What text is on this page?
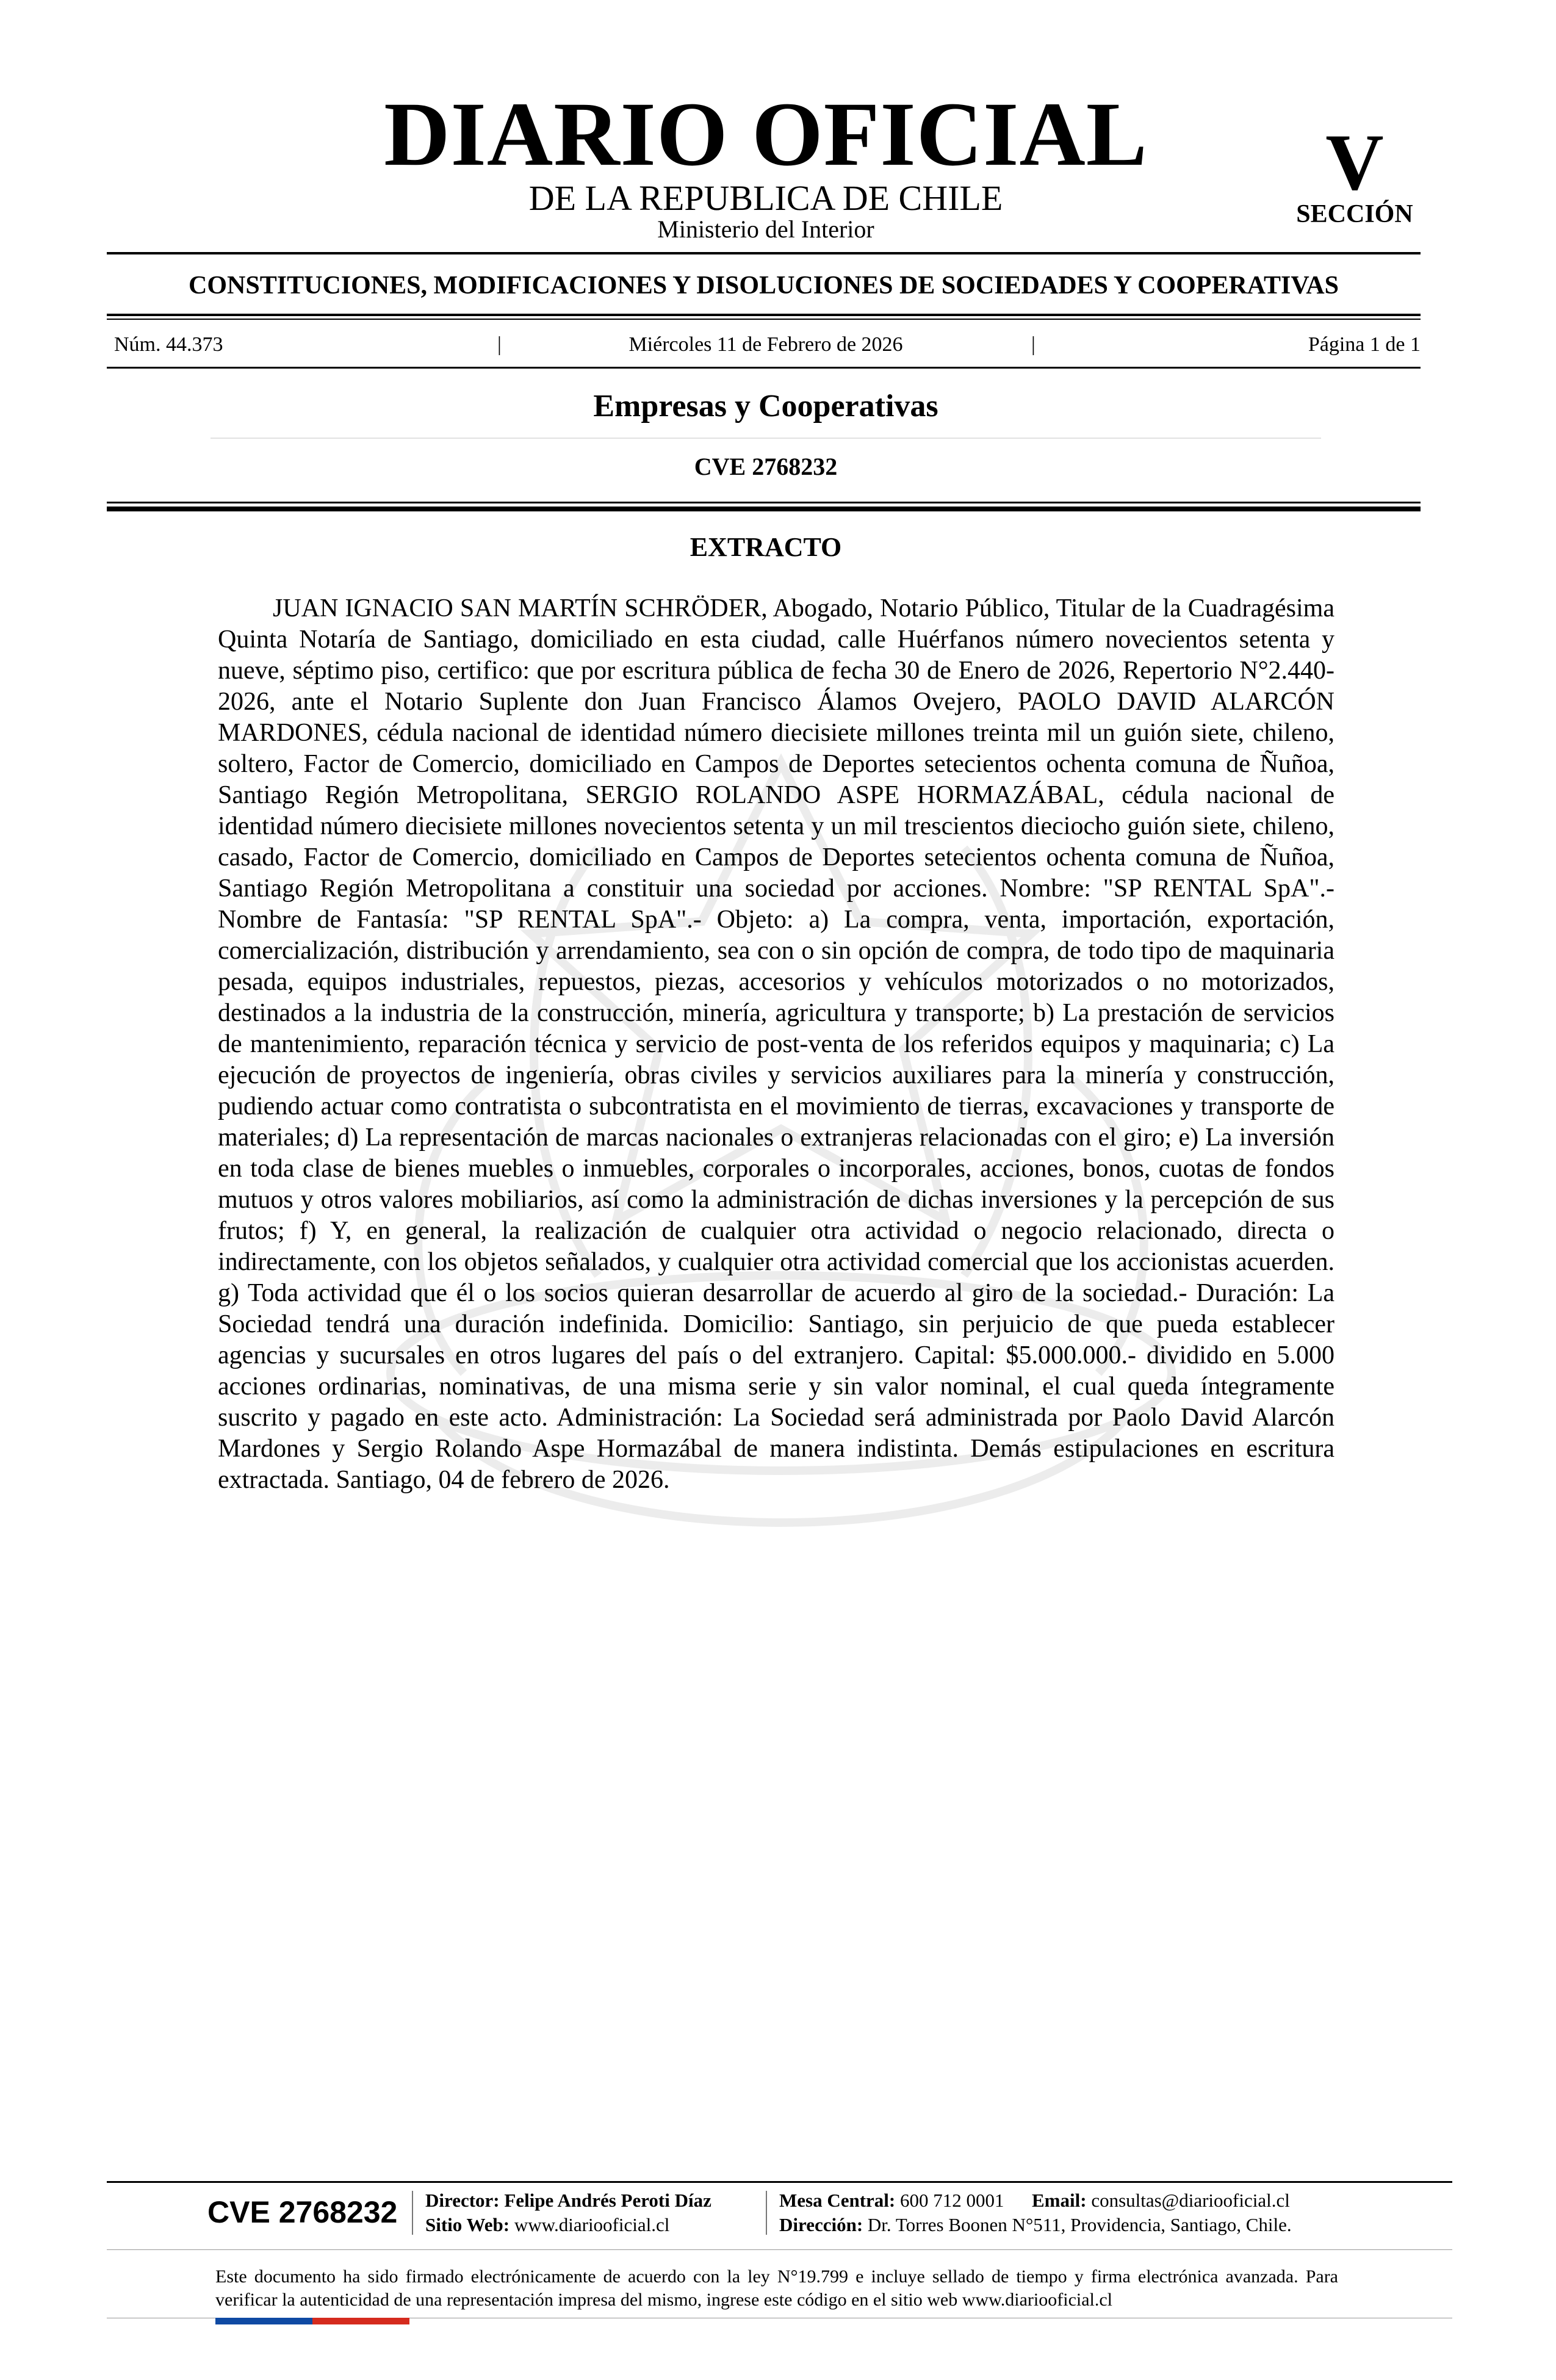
DIARIO OFICIAL
DE LA REPUBLICA DE CHILE
Ministerio del Interior
V
SECCIÓN
CONSTITUCIONES, MODIFICACIONES Y DISOLUCIONES DE SOCIEDADES Y COOPERATIVAS
Núm. 44.373	|	Miércoles 11 de Febrero de 2026	|	Página 1 de 1
Empresas y Cooperativas
CVE 2768232
EXTRACTO

JUAN IGNACIO SAN MARTÍN SCHRÖDER, Abogado, Notario Público, Titular de la Cuadragésima Quinta Notaría de Santiago, domiciliado en esta ciudad, calle Huérfanos número novecientos setenta y nueve, séptimo piso, certifico: que por escritura pública de fecha 30 de Enero de 2026, Repertorio N°2.440-2026, ante el Notario Suplente don Juan Francisco Álamos Ovejero, PAOLO DAVID ALARCÓN MARDONES, cédula nacional de identidad número diecisiete millones treinta mil un guión siete, chileno, soltero, Factor de Comercio, domiciliado en Campos de Deportes setecientos ochenta comuna de Ñuñoa, Santiago Región Metropolitana, SERGIO ROLANDO ASPE HORMAZÁBAL, cédula nacional de identidad número diecisiete millones novecientos setenta y un mil trescientos dieciocho guión siete, chileno, casado, Factor de Comercio, domiciliado en Campos de Deportes setecientos ochenta comuna de Ñuñoa, Santiago Región Metropolitana a constituir una sociedad por acciones. Nombre: "SP RENTAL SpA".- Nombre de Fantasía: "SP RENTAL SpA".- Objeto: a) La compra, venta, importación, exportación, comercialización, distribución y arrendamiento, sea con o sin opción de compra, de todo tipo de maquinaria pesada, equipos industriales, repuestos, piezas, accesorios y vehículos motorizados o no motorizados, destinados a la industria de la construcción, minería, agricultura y transporte; b) La prestación de servicios de mantenimiento, reparación técnica y servicio de post-venta de los referidos equipos y maquinaria; c) La ejecución de proyectos de ingeniería, obras civiles y servicios auxiliares para la minería y construcción, pudiendo actuar como contratista o subcontratista en el movimiento de tierras, excavaciones y transporte de materiales; d) La representación de marcas nacionales o extranjeras relacionadas con el giro; e) La inversión en toda clase de bienes muebles o inmuebles, corporales o incorporales, acciones, bonos, cuotas de fondos mutuos y otros valores mobiliarios, así como la administración de dichas inversiones y la percepción de sus frutos; f) Y, en general, la realización de cualquier otra actividad o negocio relacionado, directa o indirectamente, con los objetos señalados, y cualquier otra actividad comercial que los accionistas acuerden. g) Toda actividad que él o los socios quieran desarrollar de acuerdo al giro de la sociedad.- Duración: La Sociedad tendrá una duración indefinida. Domicilio: Santiago, sin perjuicio de que pueda establecer agencias y sucursales en otros lugares del país o del extranjero. Capital: $5.000.000.- dividido en 5.000 acciones ordinarias, nominativas, de una misma serie y sin valor nominal, el cual queda íntegramente suscrito y pagado en este acto. Administración: La Sociedad será administrada por Paolo David Alarcón Mardones y Sergio Rolando Aspe Hormazábal de manera indistinta. Demás estipulaciones en escritura extractada. Santiago, 04 de febrero de 2026.

CVE 2768232 Director: Felipe Andrés Peroti Díaz
Sitio Web: www.diariooficial.cl
Mesa Central: 600 712 0001 Email: consultas@diariooficial.cl
Dirección: Dr. Torres Boonen N°511, Providencia, Santiago, Chile.

Este documento ha sido firmado electrónicamente de acuerdo con la ley N°19.799 e incluye sellado de tiempo y firma electrónica avanzada. Para verificar la autenticidad de una representación impresa del mismo, ingrese este código en el sitio web www.diariooficial.cl
